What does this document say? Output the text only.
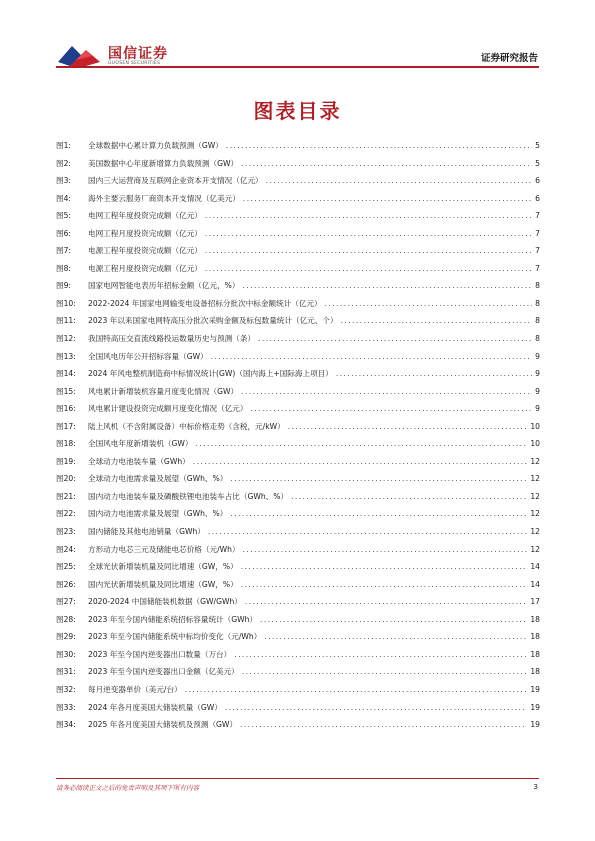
国信证券
GUOSEN SECURITIES	证券研究报告
图表目录
图1:	全球数据中心累计算力负载预测（GW） .....	5
图2:	美国数据中心年度新增算力负载预测（GW） .....	5
图3:	国内三大运营商及互联网企业资本开支情况（亿元） .....	6
图4:	海外主要云服务厂商资本开支情况（亿美元） .....	6
图5:	电网工程年度投资完成额（亿元） .....	7
图6:	电网工程月度投资完成额（亿元） .....	7
图7:	电源工程年度投资完成额（亿元） .....	7
图8:	电源工程月度投资完成额（亿元） .....	7
图9:	国家电网智能电表历年招标金额（亿元，%） .....	8
图10:	2022-2024 年国家电网输变电设备招标分批次中标金额统计（亿元） .....	8
图11:	2023 年以来国家电网特高压分批次采购金额及标包数量统计（亿元、个） .....	8
图12:	我国特高压交直流线路投运数量历史与预测（条） .....	8
图13:	全国风电历年公开招标容量（GW） .....	9
图14:	2024 年风电整机制造商中标情况统计(GW)（国内海上+国际海上项目） .....	9
图15:	风电累计新增装机容量月度变化情况（GW） .....	9
图16:	风电累计建设投资完成额月度变化情况（亿元） .....	9
图17:	陆上风机（不含附属设备）中标价格走势（含税，元/kW） .....	10
图18:	全国风电年度新增装机（GW） .....	10
图19:	全球动力电池装车量（GWh） .....	12
图20:	全球动力电池需求量及展望（GWh、%） .....	12
图21:	国内动力电池装车量及磷酸铁锂电池装车占比（GWh、%） .....	12
图22:	国内动力电池需求量及展望（GWh、%） .....	12
图23:	国内储能及其他电池销量（GWh） .....	12
图24:	方形动力电芯三元及储能电芯价格（元/Wh） .....	12
图25:	全球光伏新增装机量及同比增速（GW，%） .....	14
图26:	国内光伏新增装机量及同比增速（GW，%） .....	14
图27:	2020-2024 中国储能装机数据（GW/GWh） .....	17
图28:	2023 年至今国内储能系统招标容量统计（GWh） .....	18
图29:	2023 年至今国内储能系统中标均价变化（元/Wh） .....	18
图30:	2023 年至今国内逆变器出口数量（万台） .....	18
图31:	2023 年至今国内逆变器出口金额（亿美元） .....	18
图32:	每月逆变器单价（美元/台） .....	19
图33:	2024 年各月度美国大储装机量（GW） .....	19
图34:	2025 年各月度美国大储装机及预测（GW） .....	19
请务必阅读正文之后的免责声明及其项下所有内容	3
